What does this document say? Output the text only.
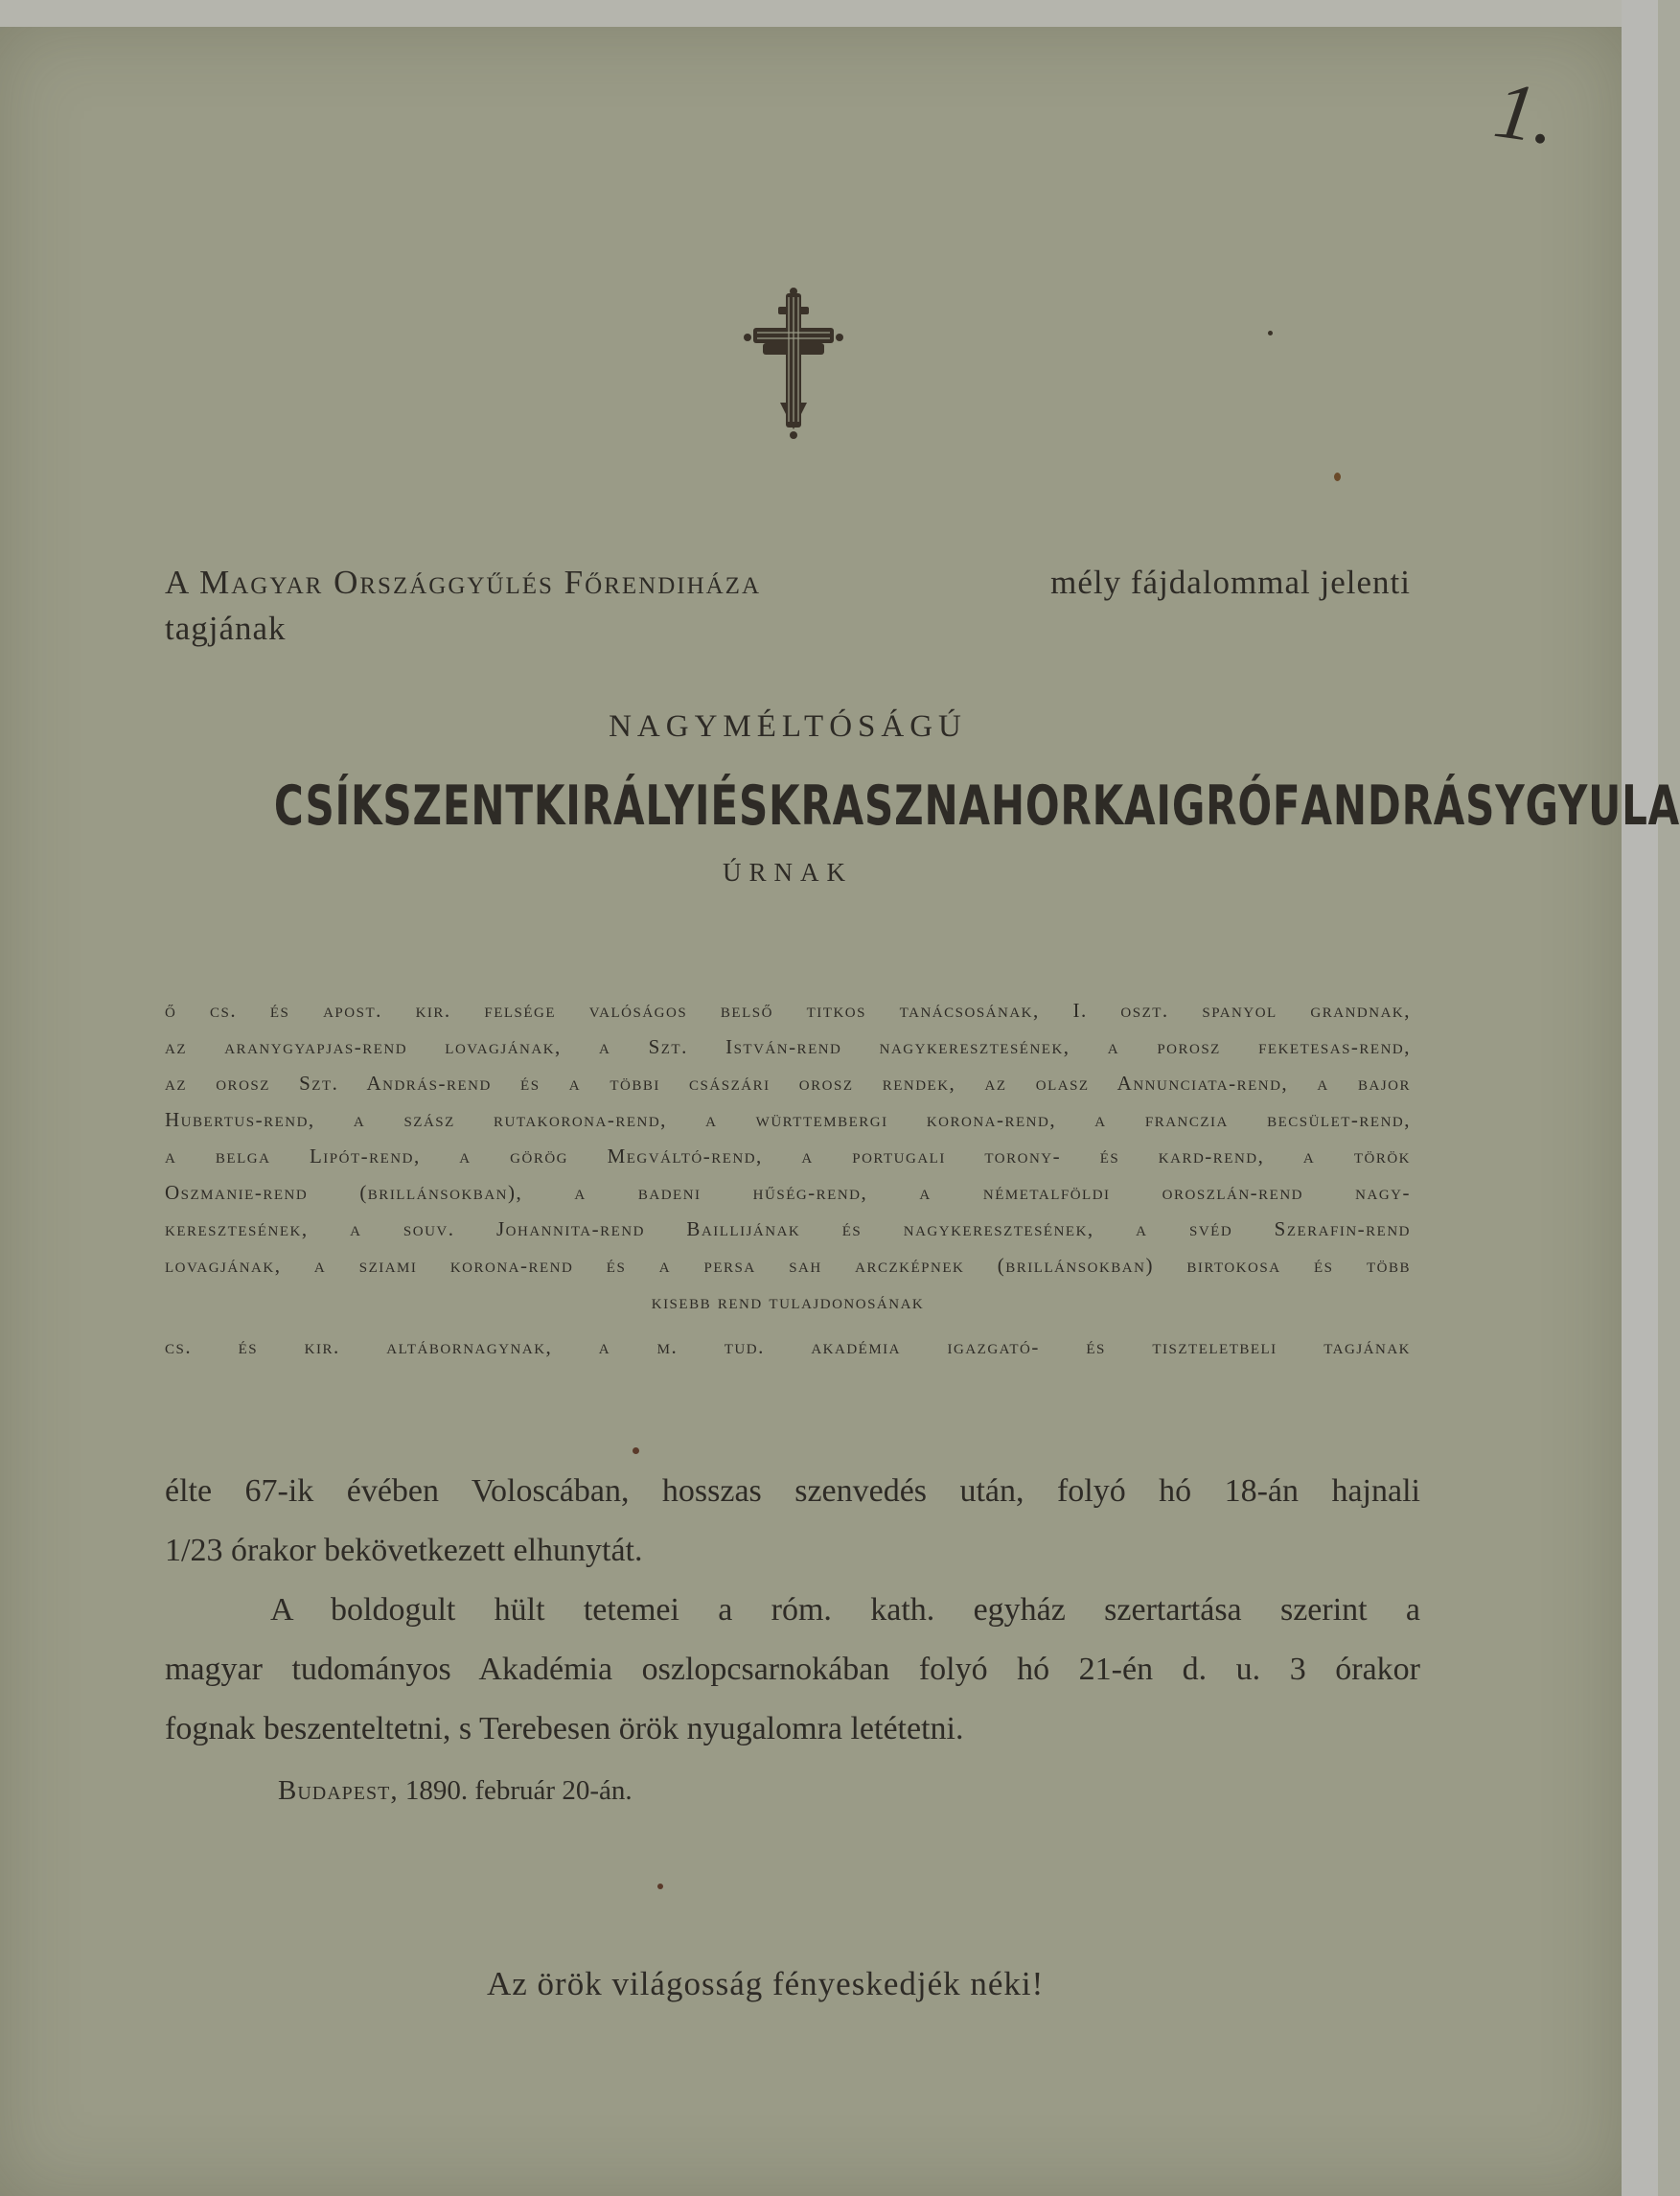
1.
A Magyar Országgyűlés Főrendiháza	mély fájdalommal jelenti
tagjának
NAGYMÉLTÓSÁGÚ
CSÍKSZENTKIRÁLYI ÉS KRASZNAHORKAI GRÓF ANDRÁSY GYULA
ÚRNAK
ő cs. és apost. kir. felsége valóságos belső titkos tanácsosának, I. oszt. spanyol grandnak,
az aranygyapjas-rend lovagjának, a Szt. István-rend nagykeresztesének, a porosz feketesas-rend,
az orosz Szt. András-rend és a többi császári orosz rendek, az olasz Annunciata-rend, a bajor
Hubertus-rend, a szász rutakorona-rend, a württembergi korona-rend, a franczia becsület-rend,
a belga Lipót-rend, a görög Megváltó-rend, a portugali torony- és kard-rend, a török
Oszmanie-rend (brillánsokban), a badeni hűség-rend, a németalföldi oroszlán-rend nagy-
keresztesének, a souv. Johannita-rend Baillijának és nagykeresztesének, a svéd Szerafin-rend
lovagjának, a sziami korona-rend és a persa sah arczképnek (brillánsokban) birtokosa és több
kisebb rend tulajdonosának
cs. és kir. altábornagynak, a m. tud. akadémia igazgató- és tiszteletbeli tagjának
élte 67-ik évében Voloscában, hosszas szenvedés után, folyó hó 18-án hajnali
1/23 órakor bekövetkezett elhunytát.
A boldogult hült tetemei a róm. kath. egyház szertartása szerint a
magyar tudományos Akadémia oszlopcsarnokában folyó hó 21-én d. u. 3 órakor
fognak beszenteltetni, s Terebesen örök nyugalomra letétetni.
Budapest, 1890. február 20-án.
Az örök világosság fényeskedjék néki!
